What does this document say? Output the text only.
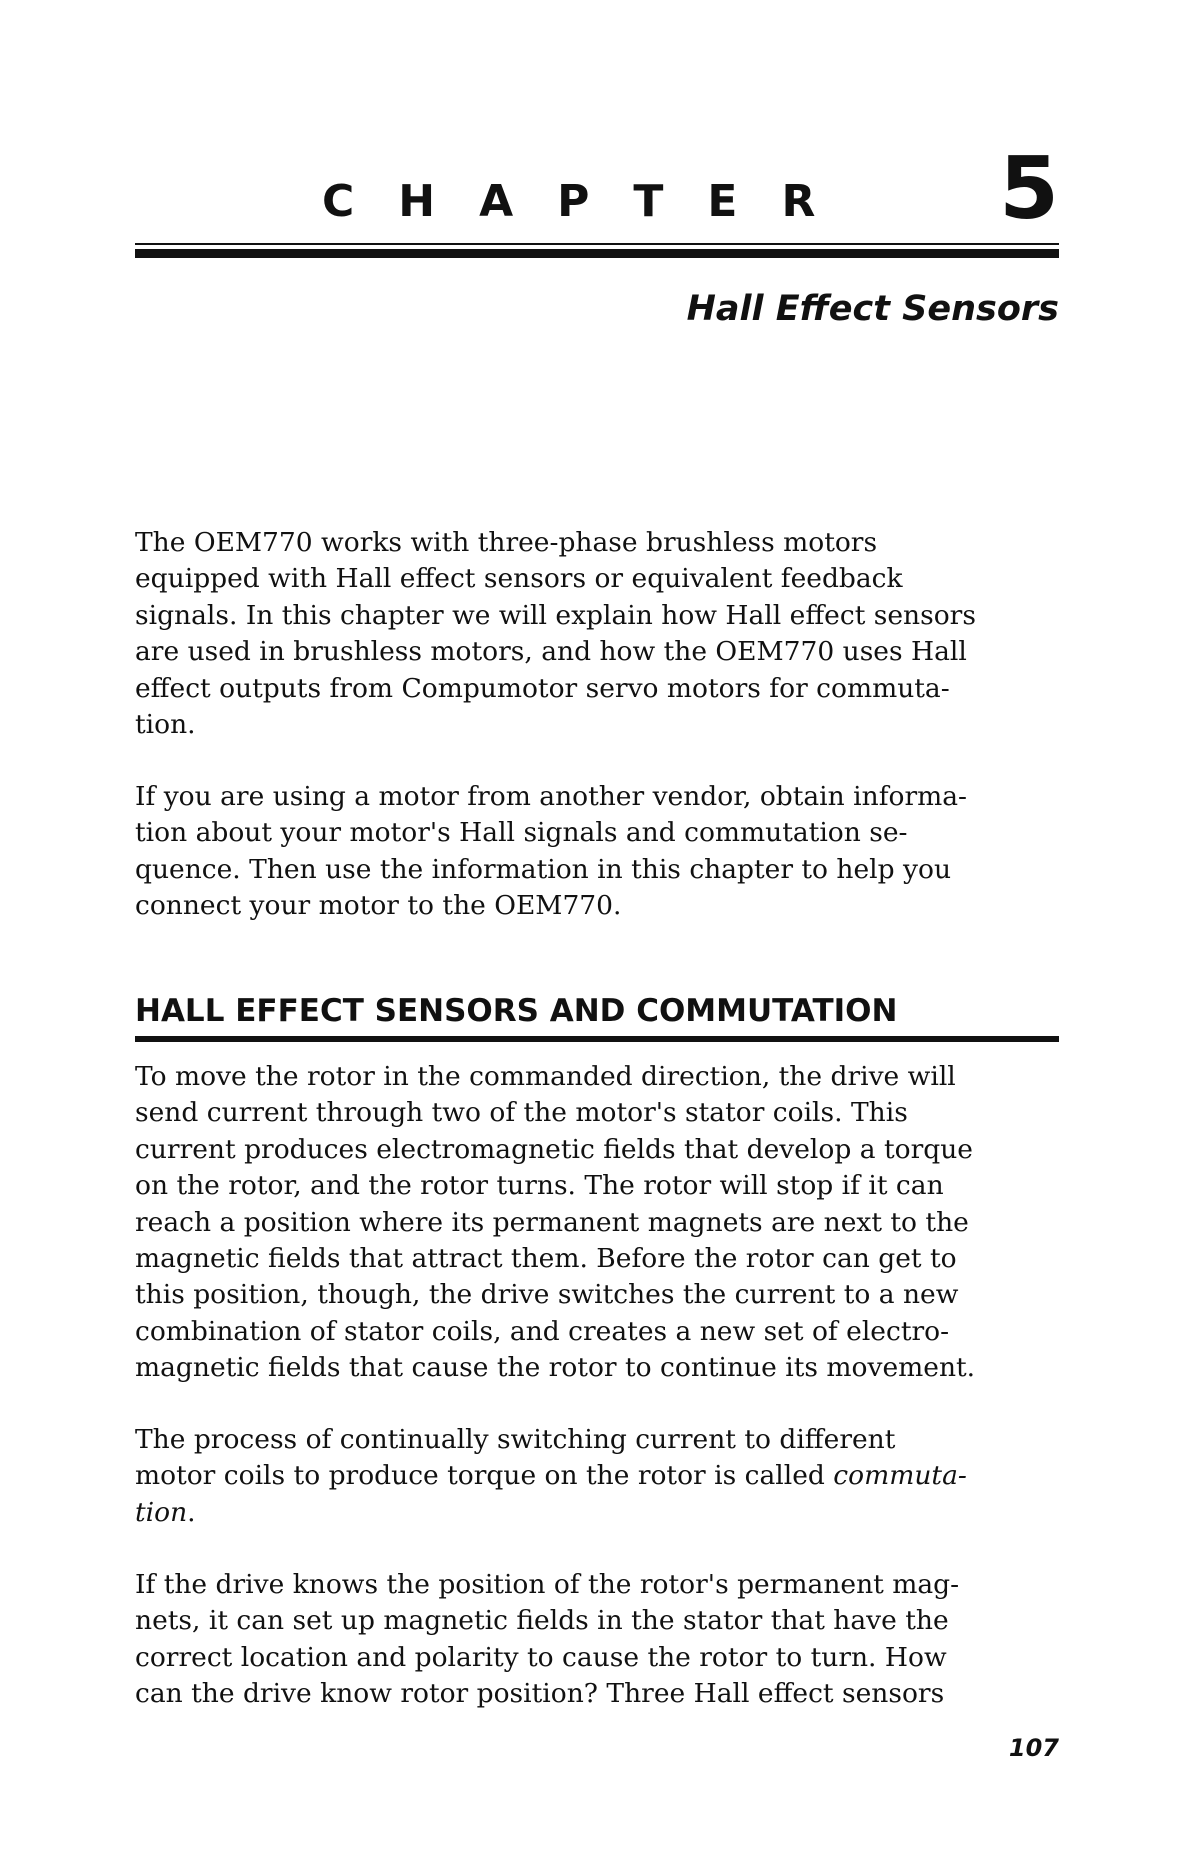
CHAPTER 5
Hall Effect Sensors

The OEM770 works with three-phase brushless motors
equipped with Hall effect sensors or equivalent feedback
signals. In this chapter we will explain how Hall effect sensors
are used in brushless motors, and how the OEM770 uses Hall
effect outputs from Compumotor servo motors for commuta-
tion.

If you are using a motor from another vendor, obtain informa-
tion about your motor's Hall signals and commutation se-
quence. Then use the information in this chapter to help you
connect your motor to the OEM770.

HALL EFFECT SENSORS AND COMMUTATION

To move the rotor in the commanded direction, the drive will
send current through two of the motor's stator coils. This
current produces electromagnetic fields that develop a torque
on the rotor, and the rotor turns. The rotor will stop if it can
reach a position where its permanent magnets are next to the
magnetic fields that attract them. Before the rotor can get to
this position, though, the drive switches the current to a new
combination of stator coils, and creates a new set of electro-
magnetic fields that cause the rotor to continue its movement.

The process of continually switching current to different
motor coils to produce torque on the rotor is called commuta-
tion.

If the drive knows the position of the rotor's permanent mag-
nets, it can set up magnetic fields in the stator that have the
correct location and polarity to cause the rotor to turn. How
can the drive know rotor position? Three Hall effect sensors

107
